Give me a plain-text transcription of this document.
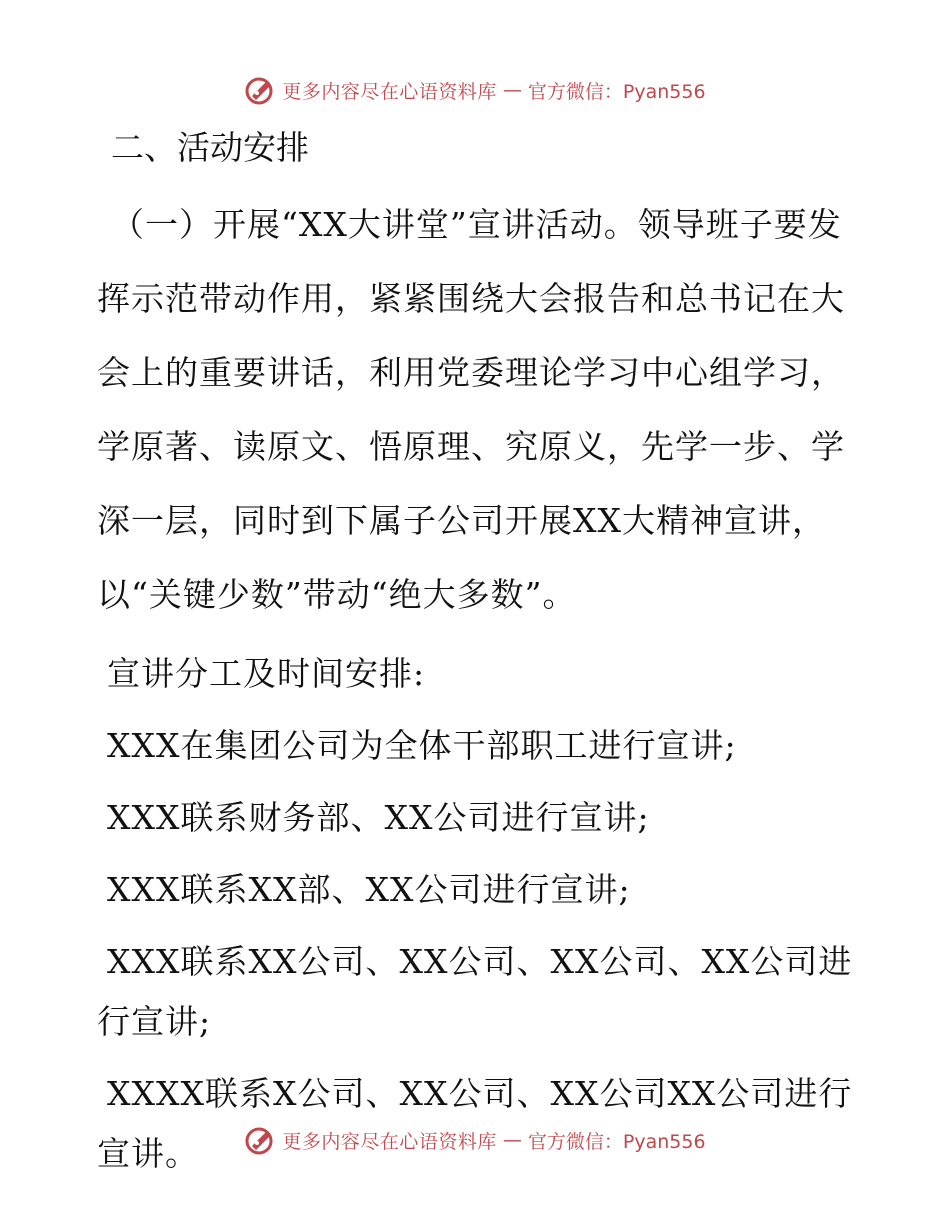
更多内容尽在心语资料库 — 官方微信：Pyan556
二、活动安排

（一）开展“XX大讲堂”宣讲活动。领导班子要发挥示范带动作用，紧紧围绕大会报告和总书记在大会上的重要讲话，利用党委理论学习中心组学习，学原著、读原文、悟原理、究原义，先学一步、学深一层，同时到下属子公司开展XX大精神宣讲，以“关键少数”带动“绝大多数”。

宣讲分工及时间安排:

XXX在集团公司为全体干部职工进行宣讲;

XXX联系财务部、XX公司进行宣讲;

XXX联系XX部、XX公司进行宣讲;

XXX联系XX公司、XX公司、XX公司、XX公司进行宣讲;

XXXX联系X公司、XX公司、XX公司XX公司进行宣讲。	更多内容尽在心语资料库 — 官方微信：Pyan556
